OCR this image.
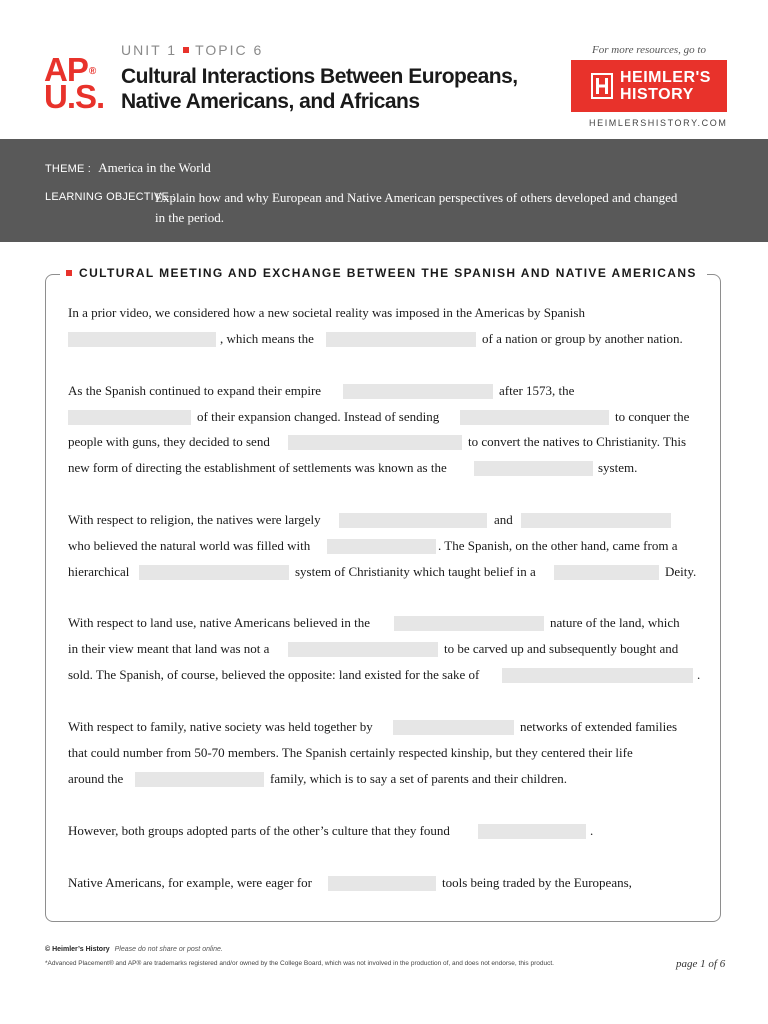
AP®
U.S.
UNIT 1 TOPIC 6
Cultural Interactions Between Europeans,
Native Americans, and Africans
For more resources, go to
HEIMLER'S
HISTORY
HEIMLERSHISTORY.COM
THEME : America in the World
LEARNING OBJECTIVE :
Explain how and why European and Native American perspectives of others developed and changed
in the period.
CULTURAL MEETING AND EXCHANGE BETWEEN THE SPANISH AND NATIVE AMERICANS
In a prior video, we considered how a new societal reality was imposed in the Americas by Spanish
, which means the	of a nation or group by another nation.
As the Spanish continued to expand their empire	after 1573, the
of their expansion changed. Instead of sending	to conquer the
people with guns, they decided to send	to convert the natives to Christianity. This
new form of directing the establishment of settlements was known as the	system.
With respect to religion, the natives were largely	and
who believed the natural world was filled with	. The Spanish, on the other hand, came from a
hierarchical	system of Christianity which taught belief in a	Deity.
With respect to land use, native Americans believed in the	nature of the land, which
in their view meant that land was not a	to be carved up and subsequently bought and
sold. The Spanish, of course, believed the opposite: land existed for the sake of	.
With respect to family, native society was held together by	networks of extended families
that could number from 50-70 members. The Spanish certainly respected kinship, but they centered their life
around the	family, which is to say a set of parents and their children.
However, both groups adopted parts of the other’s culture that they found	.
Native Americans, for example, were eager for	tools being traded by the Europeans,
© Heimler’s History Please do not share or post online.
*Advanced Placement® and AP® are trademarks registered and/or owned by the College Board, which was not involved in the production of, and does not endorse, this product.	page 1 of 6
